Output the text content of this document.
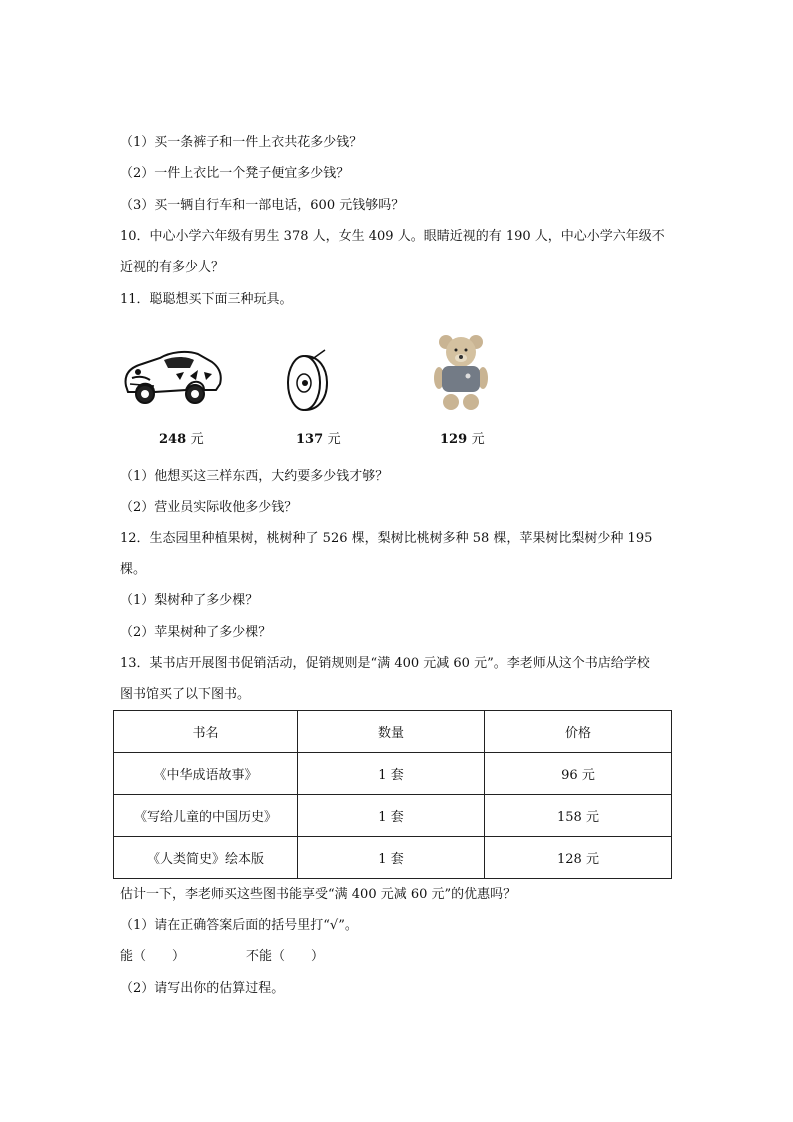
（1）买一条裤子和一件上衣共花多少钱？
（2）一件上衣比一个凳子便宜多少钱？
（3）买一辆自行车和一部电话，600 元钱够吗？
10．中心小学六年级有男生 378 人，女生 409 人。眼睛近视的有 190 人，中心小学六年级不
近视的有多少人？
11．聪聪想买下面三种玩具。
248 元	137 元	129 元
（1）他想买这三样东西，大约要多少钱才够？
（2）营业员实际收他多少钱？
12．生态园里种植果树，桃树种了 526 棵，梨树比桃树多种 58 棵，苹果树比梨树少种 195
棵。
（1）梨树种了多少棵？
（2）苹果树种了多少棵？
13．某书店开展图书促销活动，促销规则是“满 400 元减 60 元”。李老师从这个书店给学校
图书馆买了以下图书。
书名	数量	价格
《中华成语故事》	1 套	96 元
《写给儿童的中国历史》	1 套	158 元
《人类简史》绘本版	1 套	128 元
估计一下，李老师买这些图书能享受“满 400 元减 60 元”的优惠吗？
（1）请在正确答案后面的括号里打“√”。
能（　　）	不能（　　）
（2）请写出你的估算过程。
